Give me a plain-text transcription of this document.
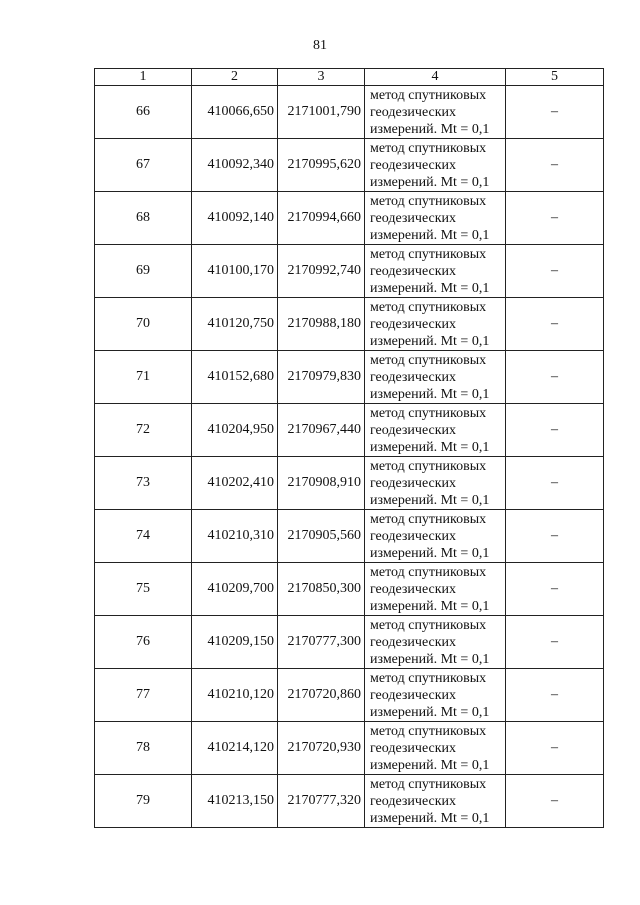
81
1	2	3	4	5
66	410066,650	2171001,790	метод спутниковых геодезических измерений. Mt = 0,1	–
67	410092,340	2170995,620	метод спутниковых геодезических измерений. Mt = 0,1	–
68	410092,140	2170994,660	метод спутниковых геодезических измерений. Mt = 0,1	–
69	410100,170	2170992,740	метод спутниковых геодезических измерений. Mt = 0,1	–
70	410120,750	2170988,180	метод спутниковых геодезических измерений. Mt = 0,1	–
71	410152,680	2170979,830	метод спутниковых геодезических измерений. Mt = 0,1	–
72	410204,950	2170967,440	метод спутниковых геодезических измерений. Mt = 0,1	–
73	410202,410	2170908,910	метод спутниковых геодезических измерений. Mt = 0,1	–
74	410210,310	2170905,560	метод спутниковых геодезических измерений. Mt = 0,1	–
75	410209,700	2170850,300	метод спутниковых геодезических измерений. Mt = 0,1	–
76	410209,150	2170777,300	метод спутниковых геодезических измерений. Mt = 0,1	–
77	410210,120	2170720,860	метод спутниковых геодезических измерений. Mt = 0,1	–
78	410214,120	2170720,930	метод спутниковых геодезических измерений. Mt = 0,1	–
79	410213,150	2170777,320	метод спутниковых геодезических измерений. Mt = 0,1	–
